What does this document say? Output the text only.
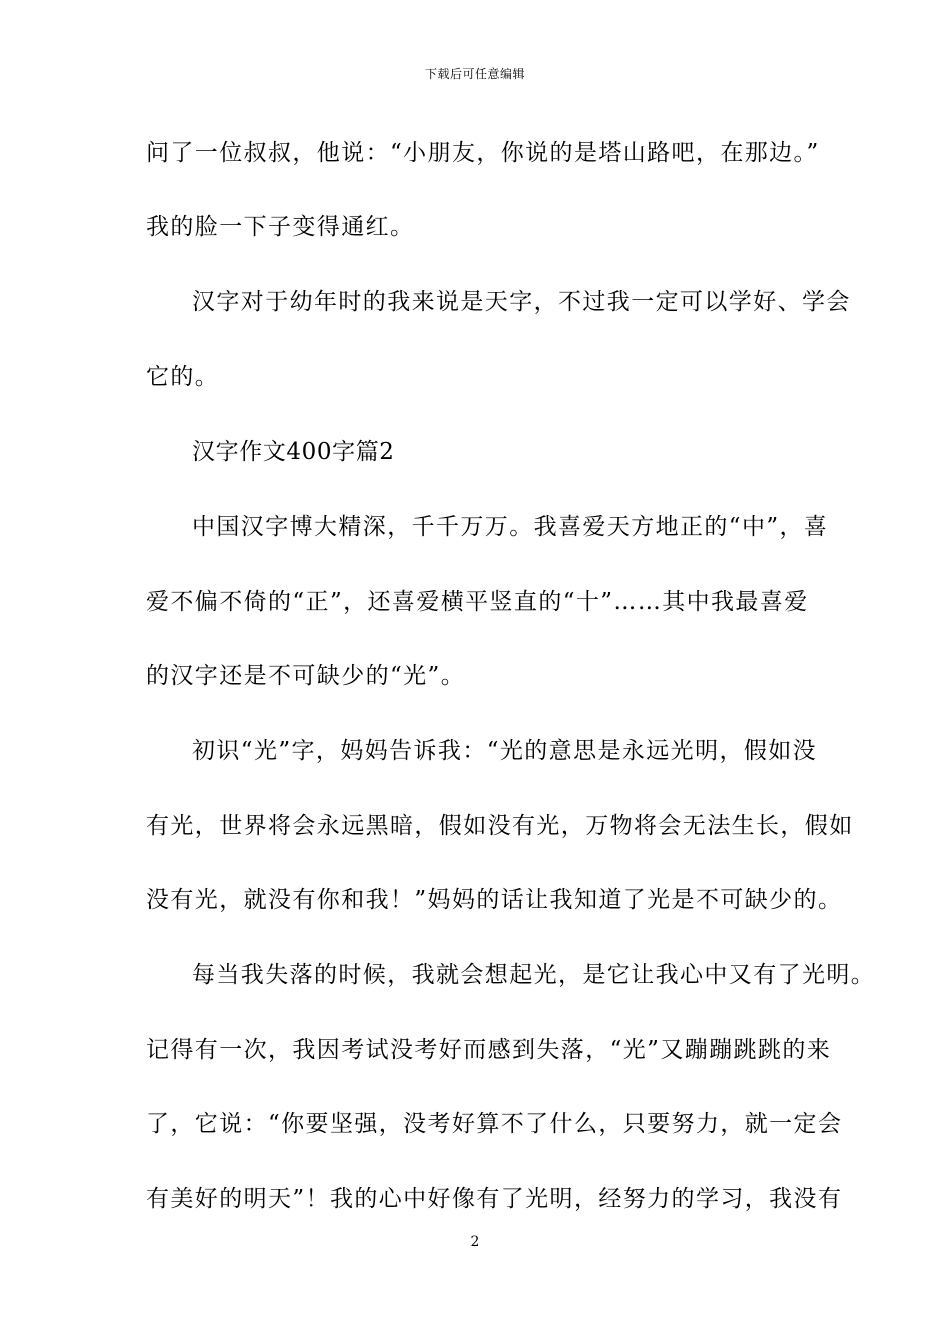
下载后可任意编辑
问了一位叔叔，他说：“小朋友，你说的是塔山路吧，在那边。”
我的脸一下子变得通红。
汉字对于幼年时的我来说是天字，不过我一定可以学好、学会
它的。
汉字作文400字篇2
中国汉字博大精深，千千万万。我喜爱天方地正的“中”，喜
爱不偏不倚的“正”，还喜爱横平竖直的“十”……其中我最喜爱
的汉字还是不可缺少的“光”。
初识“光”字，妈妈告诉我：“光的意思是永远光明，假如没
有光，世界将会永远黑暗，假如没有光，万物将会无法生长，假如
没有光，就没有你和我！”妈妈的话让我知道了光是不可缺少的。
每当我失落的时候，我就会想起光，是它让我心中又有了光明。
记得有一次，我因考试没考好而感到失落，“光”又蹦蹦跳跳的来
了，它说：“你要坚强，没考好算不了什么，只要努力，就一定会
有美好的明天”！我的心中好像有了光明，经努力的学习，我没有
2
